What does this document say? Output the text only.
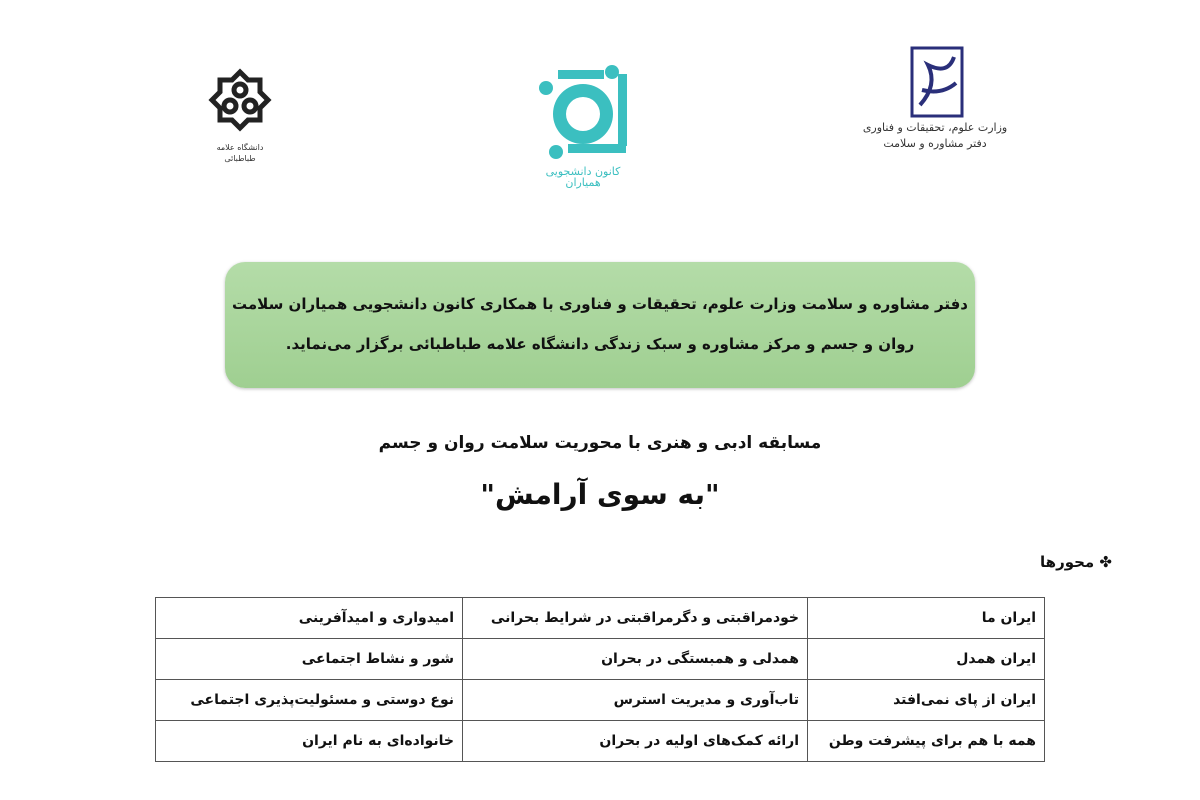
دانشگاه علامه طباطبائی
کانون دانشجویی همیاران
وزارت علوم، تحقیقات و فناوری
دفتر مشاوره و سلامت

دفتر مشاوره و سلامت وزارت علوم، تحقیقات و فناوری با همکاری کانون دانشجویی همیاران سلامت

روان و جسم و مرکز مشاوره و سبک زندگی دانشگاه علامه طباطبائی برگزار می‌نماید.

مسابقه ادبی و هنری با محوریت سلامت روان و جسم
"به سوی آرامش"
✤ محورها
ایران ما	خودمراقبتی و دگرمراقبتی در شرایط بحرانی	امیدواری و امیدآفرینی
ایران همدل	همدلی و همبستگی در بحران	شور و نشاط اجتماعی
ایران از پای نمی‌افتد	تاب‌آوری و مدیریت استرس	نوع دوستی و مسئولیت‌پذیری اجتماعی
همه با هم برای پیشرفت وطن	ارائه کمک‌های اولیه در بحران	خانواده‌ای به نام ایران
